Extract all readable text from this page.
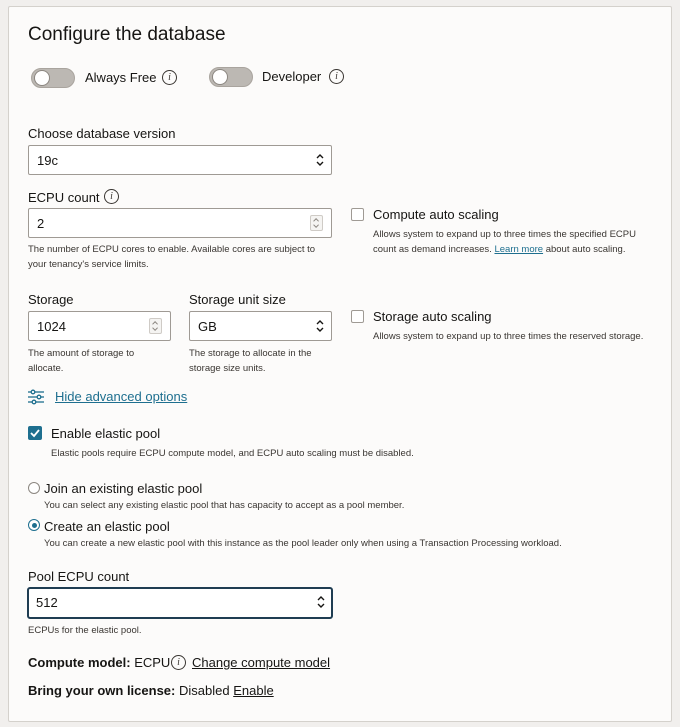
Configure the database
Always Free	i	Developer	i
Choose database version
19c
ECPU count	i
2
The number of ECPU cores to enable. Available cores are subject to
your tenancy's service limits.
Compute auto scaling
Allows system to expand up to three times the specified ECPU
count as demand increases. Learn more about auto scaling.
Storage
1024
The amount of storage to
allocate.
Storage unit size
GB
The storage to allocate in the
storage size units.
Storage auto scaling
Allows system to expand up to three times the reserved storage.
Hide advanced options
Enable elastic pool
Elastic pools require ECPU compute model, and ECPU auto scaling must be disabled.
Join an existing elastic pool
You can select any existing elastic pool that has capacity to accept as a pool member.
Create an elastic pool
You can create a new elastic pool with this instance as the pool leader only when using a Transaction Processing workload.
Pool ECPU count
512
ECPUs for the elastic pool.
Compute model: ECPU i Change compute model
Bring your own license: Disabled Enable
